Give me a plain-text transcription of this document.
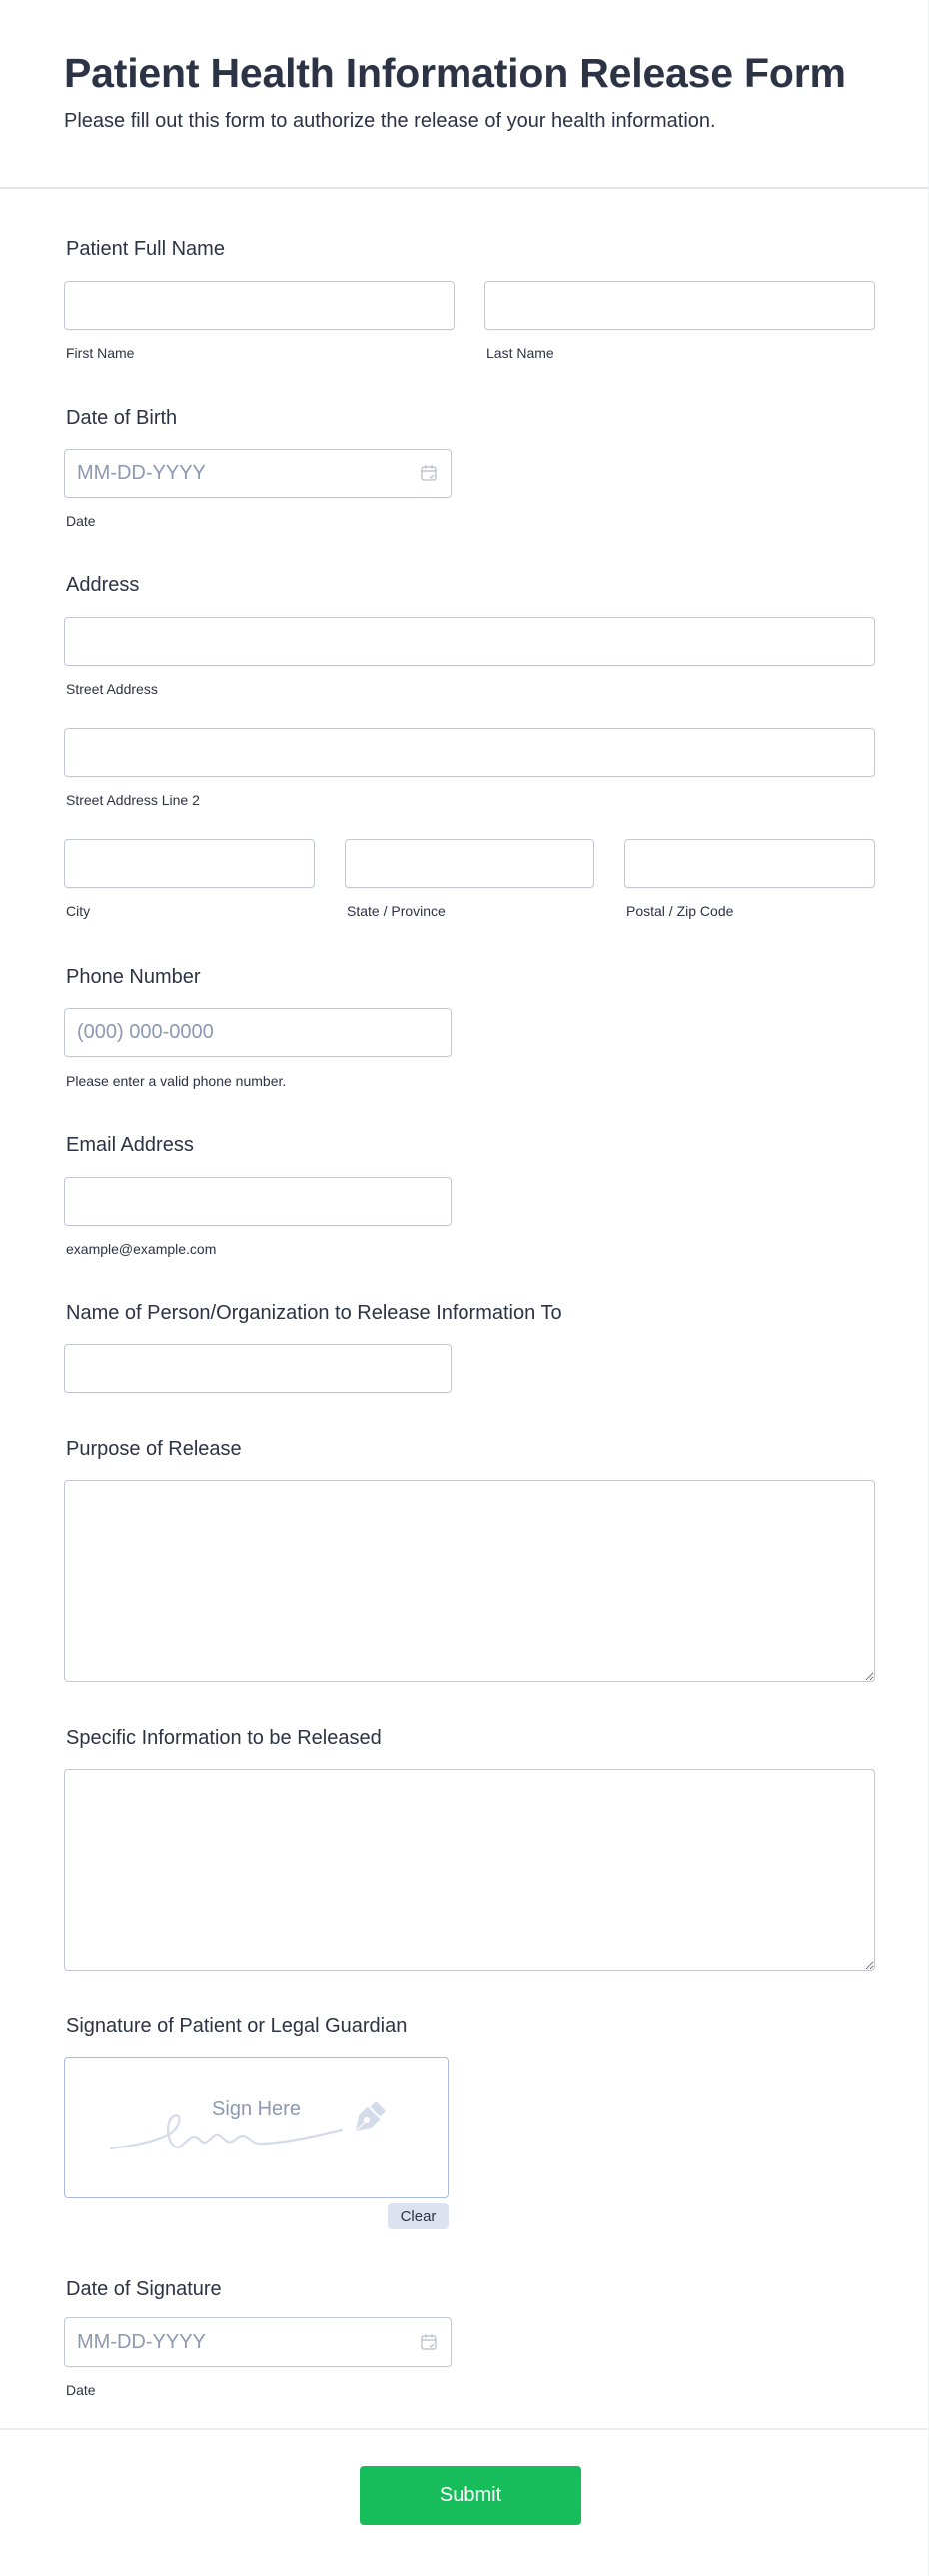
Patient Health Information Release Form
Please fill out this form to authorize the release of your health information.
Patient Full Name
First Name	Last Name
Date of Birth
MM-DD-YYYY
Date
Address
Street Address
Street Address Line 2
City	State / Province	Postal / Zip Code
Phone Number
(000) 000-0000
Please enter a valid phone number.
Email Address
example@example.com
Name of Person/Organization to Release Information To
Purpose of Release
Specific Information to be Released
Signature of Patient or Legal Guardian
Sign Here
Clear
Date of Signature
MM-DD-YYYY
Date
Submit
